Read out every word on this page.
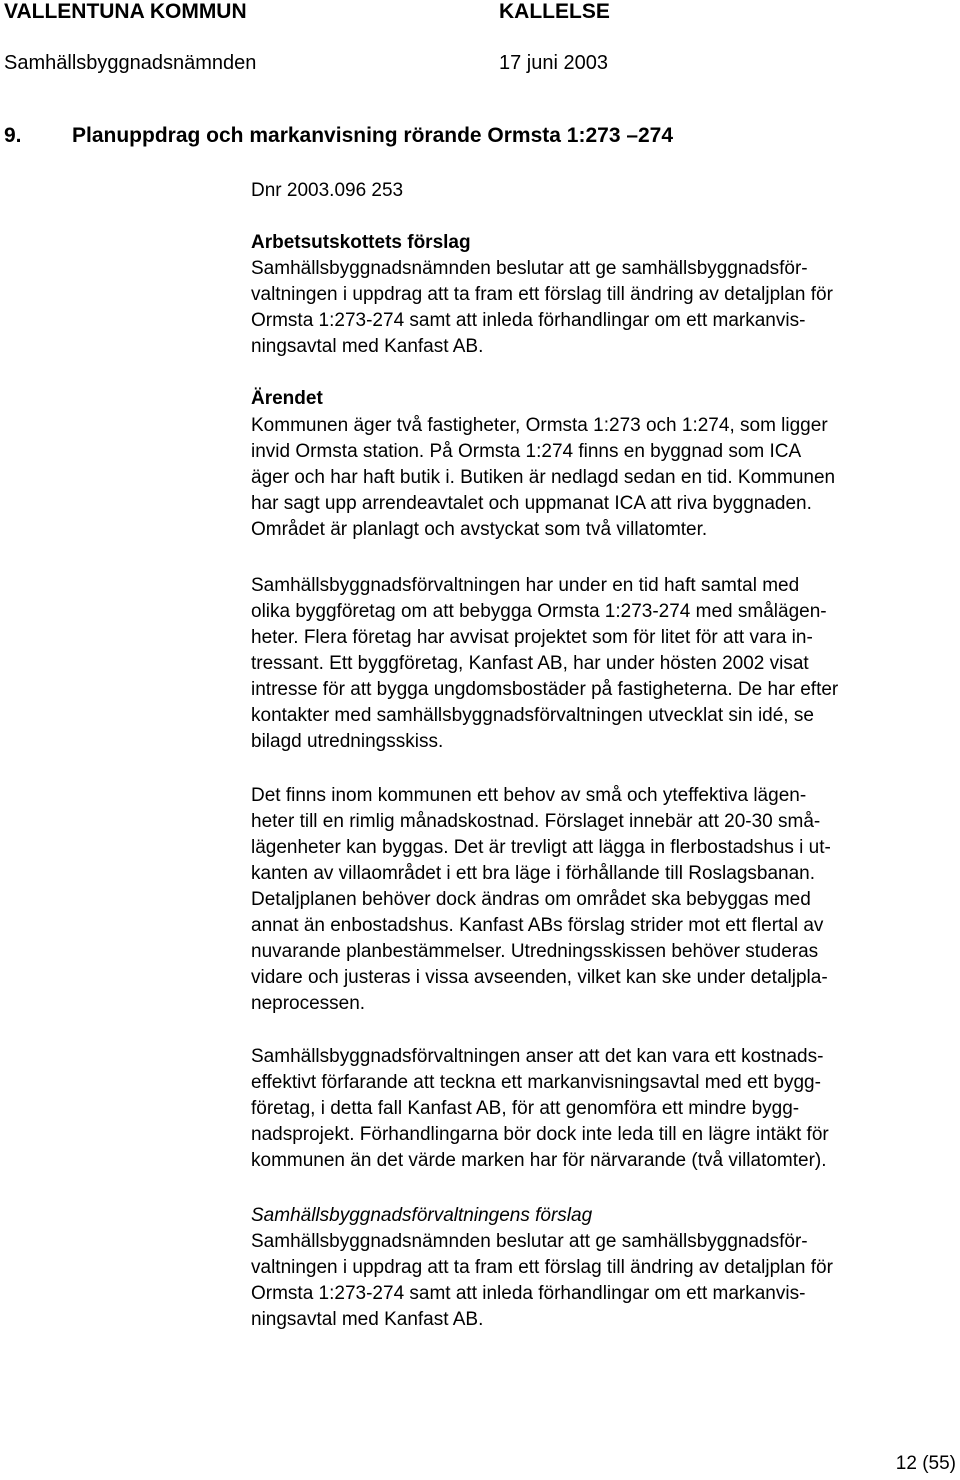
VALLENTUNA KOMMUN	KALLELSE
Samhällsbyggnadsnämnden	17 juni 2003
9. Planuppdrag och markanvisning rörande Ormsta 1:273 –274
Dnr 2003.096 253
Arbetsutskottets förslag
Samhällsbyggnadsnämnden beslutar att ge samhällsbyggnadsför-
valtningen i uppdrag att ta fram ett förslag till ändring av detaljplan för
Ormsta 1:273-274 samt att inleda förhandlingar om ett markanvis-
ningsavtal med Kanfast AB.
Ärendet
Kommunen äger två fastigheter, Ormsta 1:273 och 1:274, som ligger
invid Ormsta station. På Ormsta 1:274 finns en byggnad som ICA
äger och har haft butik i. Butiken är nedlagd sedan en tid. Kommunen
har sagt upp arrendeavtalet och uppmanat ICA att riva byggnaden.
Området är planlagt och avstyckat som två villatomter.
Samhällsbyggnadsförvaltningen har under en tid haft samtal med
olika byggföretag om att bebygga Ormsta 1:273-274 med smålägen-
heter. Flera företag har avvisat projektet som för litet för att vara in-
tressant. Ett byggföretag, Kanfast AB, har under hösten 2002 visat
intresse för att bygga ungdomsbostäder på fastigheterna. De har efter
kontakter med samhällsbyggnadsförvaltningen utvecklat sin idé, se
bilagd utredningsskiss.
Det finns inom kommunen ett behov av små och yteffektiva lägen-
heter till en rimlig månadskostnad. Förslaget innebär att 20-30 små-
lägenheter kan byggas. Det är trevligt att lägga in flerbostadshus i ut-
kanten av villaområdet i ett bra läge i förhållande till Roslagsbanan.
Detaljplanen behöver dock ändras om området ska bebyggas med
annat än enbostadshus. Kanfast ABs förslag strider mot ett flertal av
nuvarande planbestämmelser. Utredningsskissen behöver studeras
vidare och justeras i vissa avseenden, vilket kan ske under detaljpla-
neprocessen.
Samhällsbyggnadsförvaltningen anser att det kan vara ett kostnads-
effektivt förfarande att teckna ett markanvisningsavtal med ett bygg-
företag, i detta fall Kanfast AB, för att genomföra ett mindre bygg-
nadsprojekt. Förhandlingarna bör dock inte leda till en lägre intäkt för
kommunen än det värde marken har för närvarande (två villatomter).
Samhällsbyggnadsförvaltningens förslag
Samhällsbyggnadsnämnden beslutar att ge samhällsbyggnadsför-
valtningen i uppdrag att ta fram ett förslag till ändring av detaljplan för
Ormsta 1:273-274 samt att inleda förhandlingar om ett markanvis-
ningsavtal med Kanfast AB.
12 (55)
